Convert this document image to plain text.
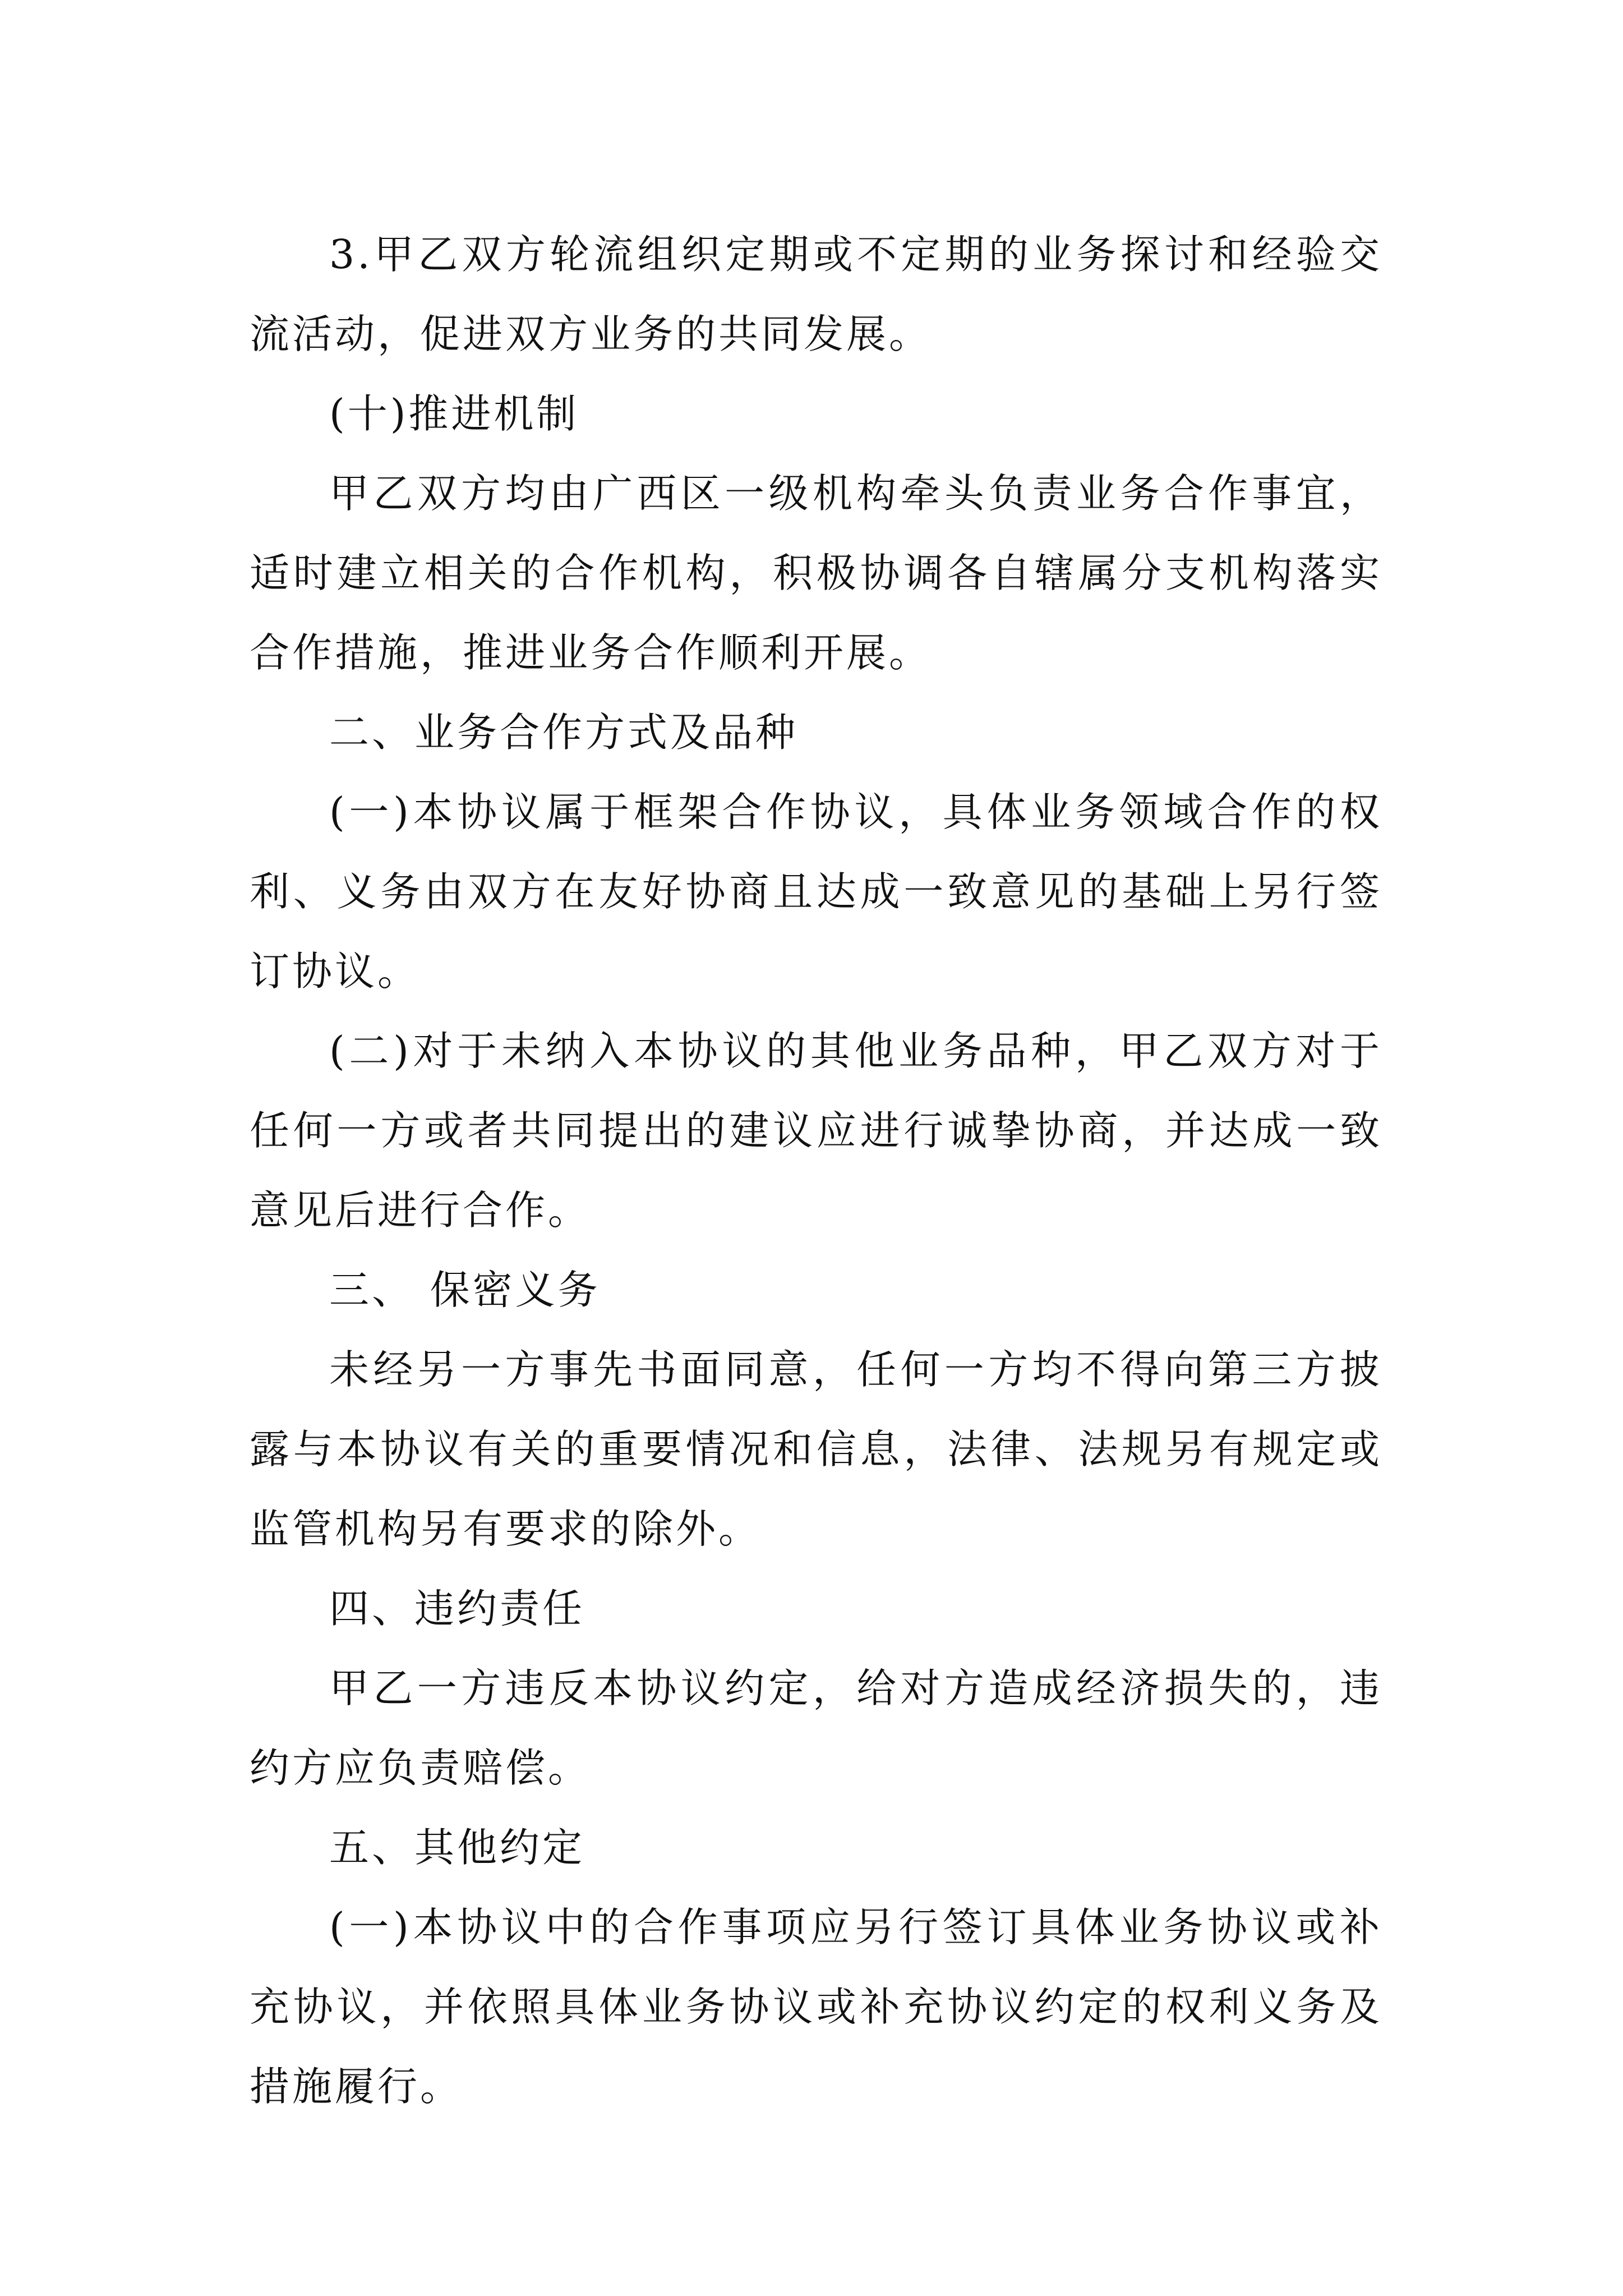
3.甲乙双方轮流组织定期或不定期的业务探讨和经验交流活动，促进双方业务的共同发展。

(十)推进机制

甲乙双方均由广西区一级机构牵头负责业务合作事宜，适时建立相关的合作机构，积极协调各自辖属分支机构落实合作措施，推进业务合作顺利开展。

二、业务合作方式及品种

(一)本协议属于框架合作协议，具体业务领域合作的权利、义务由双方在友好协商且达成一致意见的基础上另行签订协议。

(二)对于未纳入本协议的其他业务品种，甲乙双方对于任何一方或者共同提出的建议应进行诚挚协商，并达成一致意见后进行合作。

三、 保密义务

未经另一方事先书面同意，任何一方均不得向第三方披露与本协议有关的重要情况和信息，法律、法规另有规定或监管机构另有要求的除外。

四、违约责任

甲乙一方违反本协议约定，给对方造成经济损失的，违约方应负责赔偿。

五、其他约定

(一)本协议中的合作事项应另行签订具体业务协议或补充协议，并依照具体业务协议或补充协议约定的权利义务及措施履行。
